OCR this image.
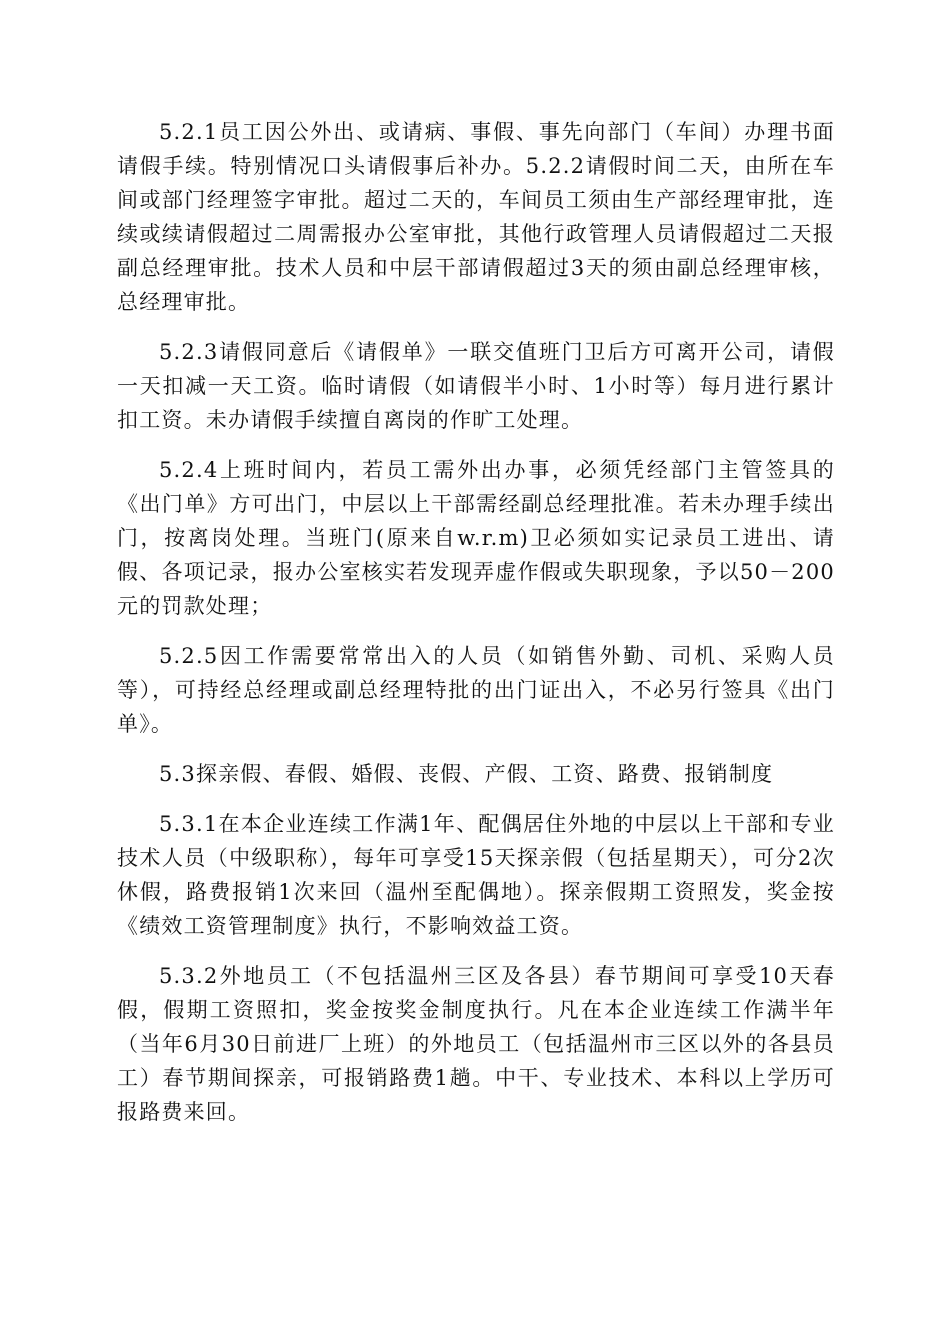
5.2.1员工因公外出、或请病、事假、事先向部门（车间）办理书面请假手续。特别情况口头请假事后补办。5.2.2请假时间二天，由所在车间或部门经理签字审批。超过二天的，车间员工须由生产部经理审批，连续或续请假超过二周需报办公室审批，其他行政管理人员请假超过二天报副总经理审批。技术人员和中层干部请假超过3天的须由副总经理审核，总经理审批。

5.2.3请假同意后《请假单》一联交值班门卫后方可离开公司，请假一天扣减一天工资。临时请假（如请假半小时、1小时等）每月进行累计扣工资。未办请假手续擅自离岗的作旷工处理。

5.2.4上班时间内，若员工需外出办事，必须凭经部门主管签具的《出门单》方可出门，中层以上干部需经副总经理批准。若未办理手续出门，按离岗处理。当班门(原来自w.r.m)卫必须如实记录员工进出、请假、各项记录，报办公室核实若发现弄虚作假或失职现象，予以50－200元的罚款处理；

5.2.5因工作需要常常出入的人员（如销售外勤、司机、采购人员等），可持经总经理或副总经理特批的出门证出入，不必另行签具《出门单》。

5.3探亲假、春假、婚假、丧假、产假、工资、路费、报销制度

5.3.1在本企业连续工作满1年、配偶居住外地的中层以上干部和专业技术人员（中级职称），每年可享受15天探亲假（包括星期天），可分2次休假，路费报销1次来回（温州至配偶地）。探亲假期工资照发，奖金按《绩效工资管理制度》执行，不影响效益工资。

5.3.2外地员工（不包括温州三区及各县）春节期间可享受10天春假，假期工资照扣，奖金按奖金制度执行。凡在本企业连续工作满半年（当年6月30日前进厂上班）的外地员工（包括温州市三区以外的各县员工）春节期间探亲，可报销路费1趟。中干、专业技术、本科以上学历可报路费来回。
